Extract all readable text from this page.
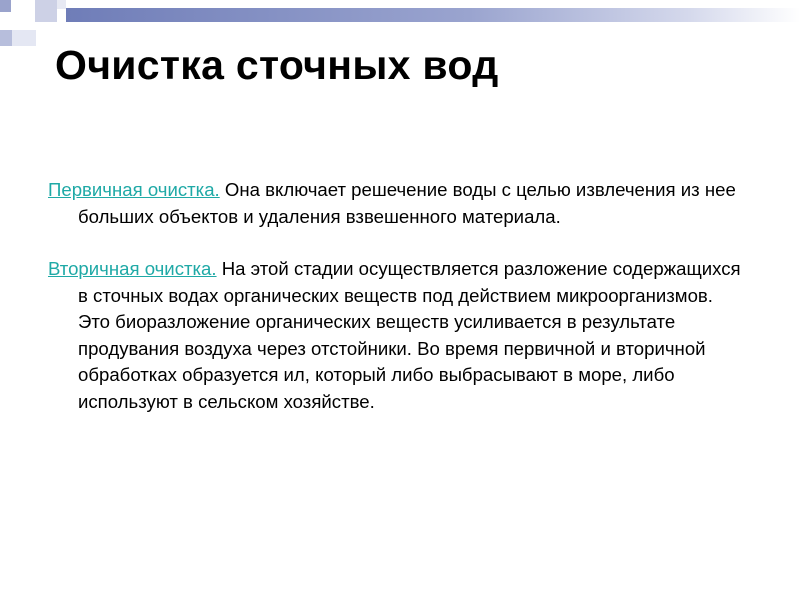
Очистка сточных вод

Первичная очистка. Она включает решечение воды с целью извлечения из нее больших объектов и удаления взвешенного материала.

Вторичная очистка. На этой стадии осуществляется разложение содержащихся в сточных водах органических веществ под действием микроорганизмов. Это биоразложение органических веществ усиливается в результате продувания воздуха через отстойники. Во время первичной и вторичной обработках образуется ил, который либо выбрасывают в море, либо используют в сельском хозяйстве.
